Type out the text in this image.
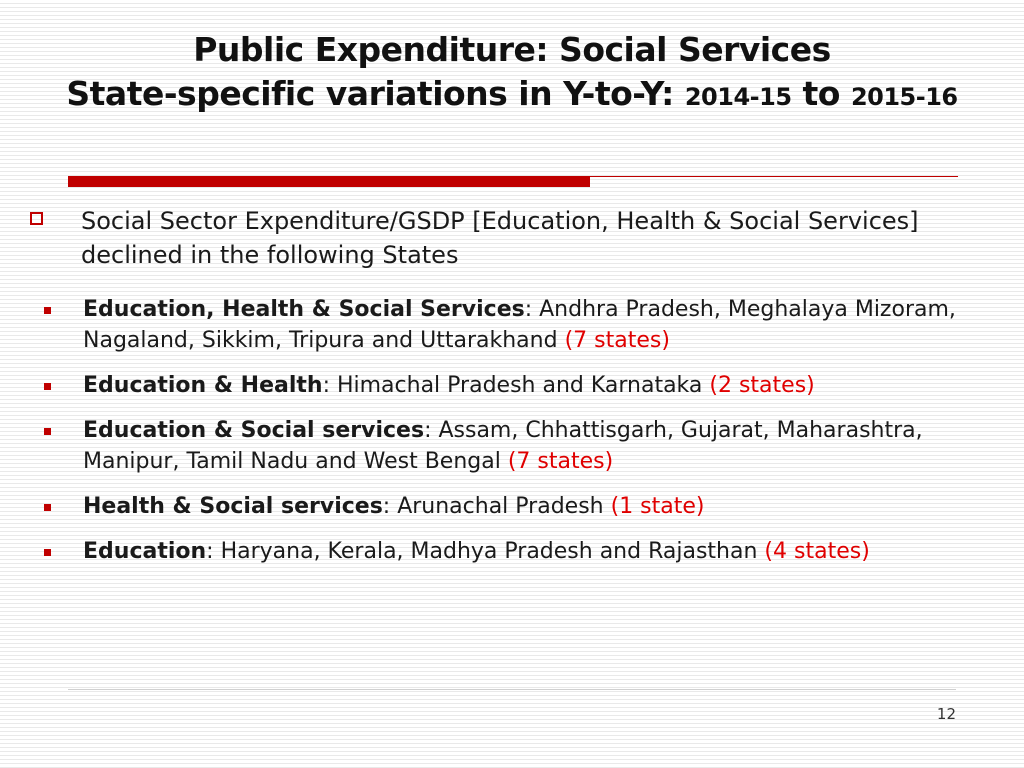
Public Expenditure: Social Services
State-specific variations in Y-to-Y: 2014-15 to 2015-16
Social Sector Expenditure/GSDP [Education, Health & Social Services] declined in the following States
Education, Health & Social Services: Andhra Pradesh, Meghalaya Mizoram, Nagaland, Sikkim, Tripura and Uttarakhand (7 states)
Education & Health: Himachal Pradesh and Karnataka (2 states)
Education & Social services: Assam, Chhattisgarh, Gujarat, Maharashtra, Manipur, Tamil Nadu and West Bengal (7 states)
Health & Social services: Arunachal Pradesh (1 state)
Education: Haryana, Kerala, Madhya Pradesh and Rajasthan (4 states)
12
